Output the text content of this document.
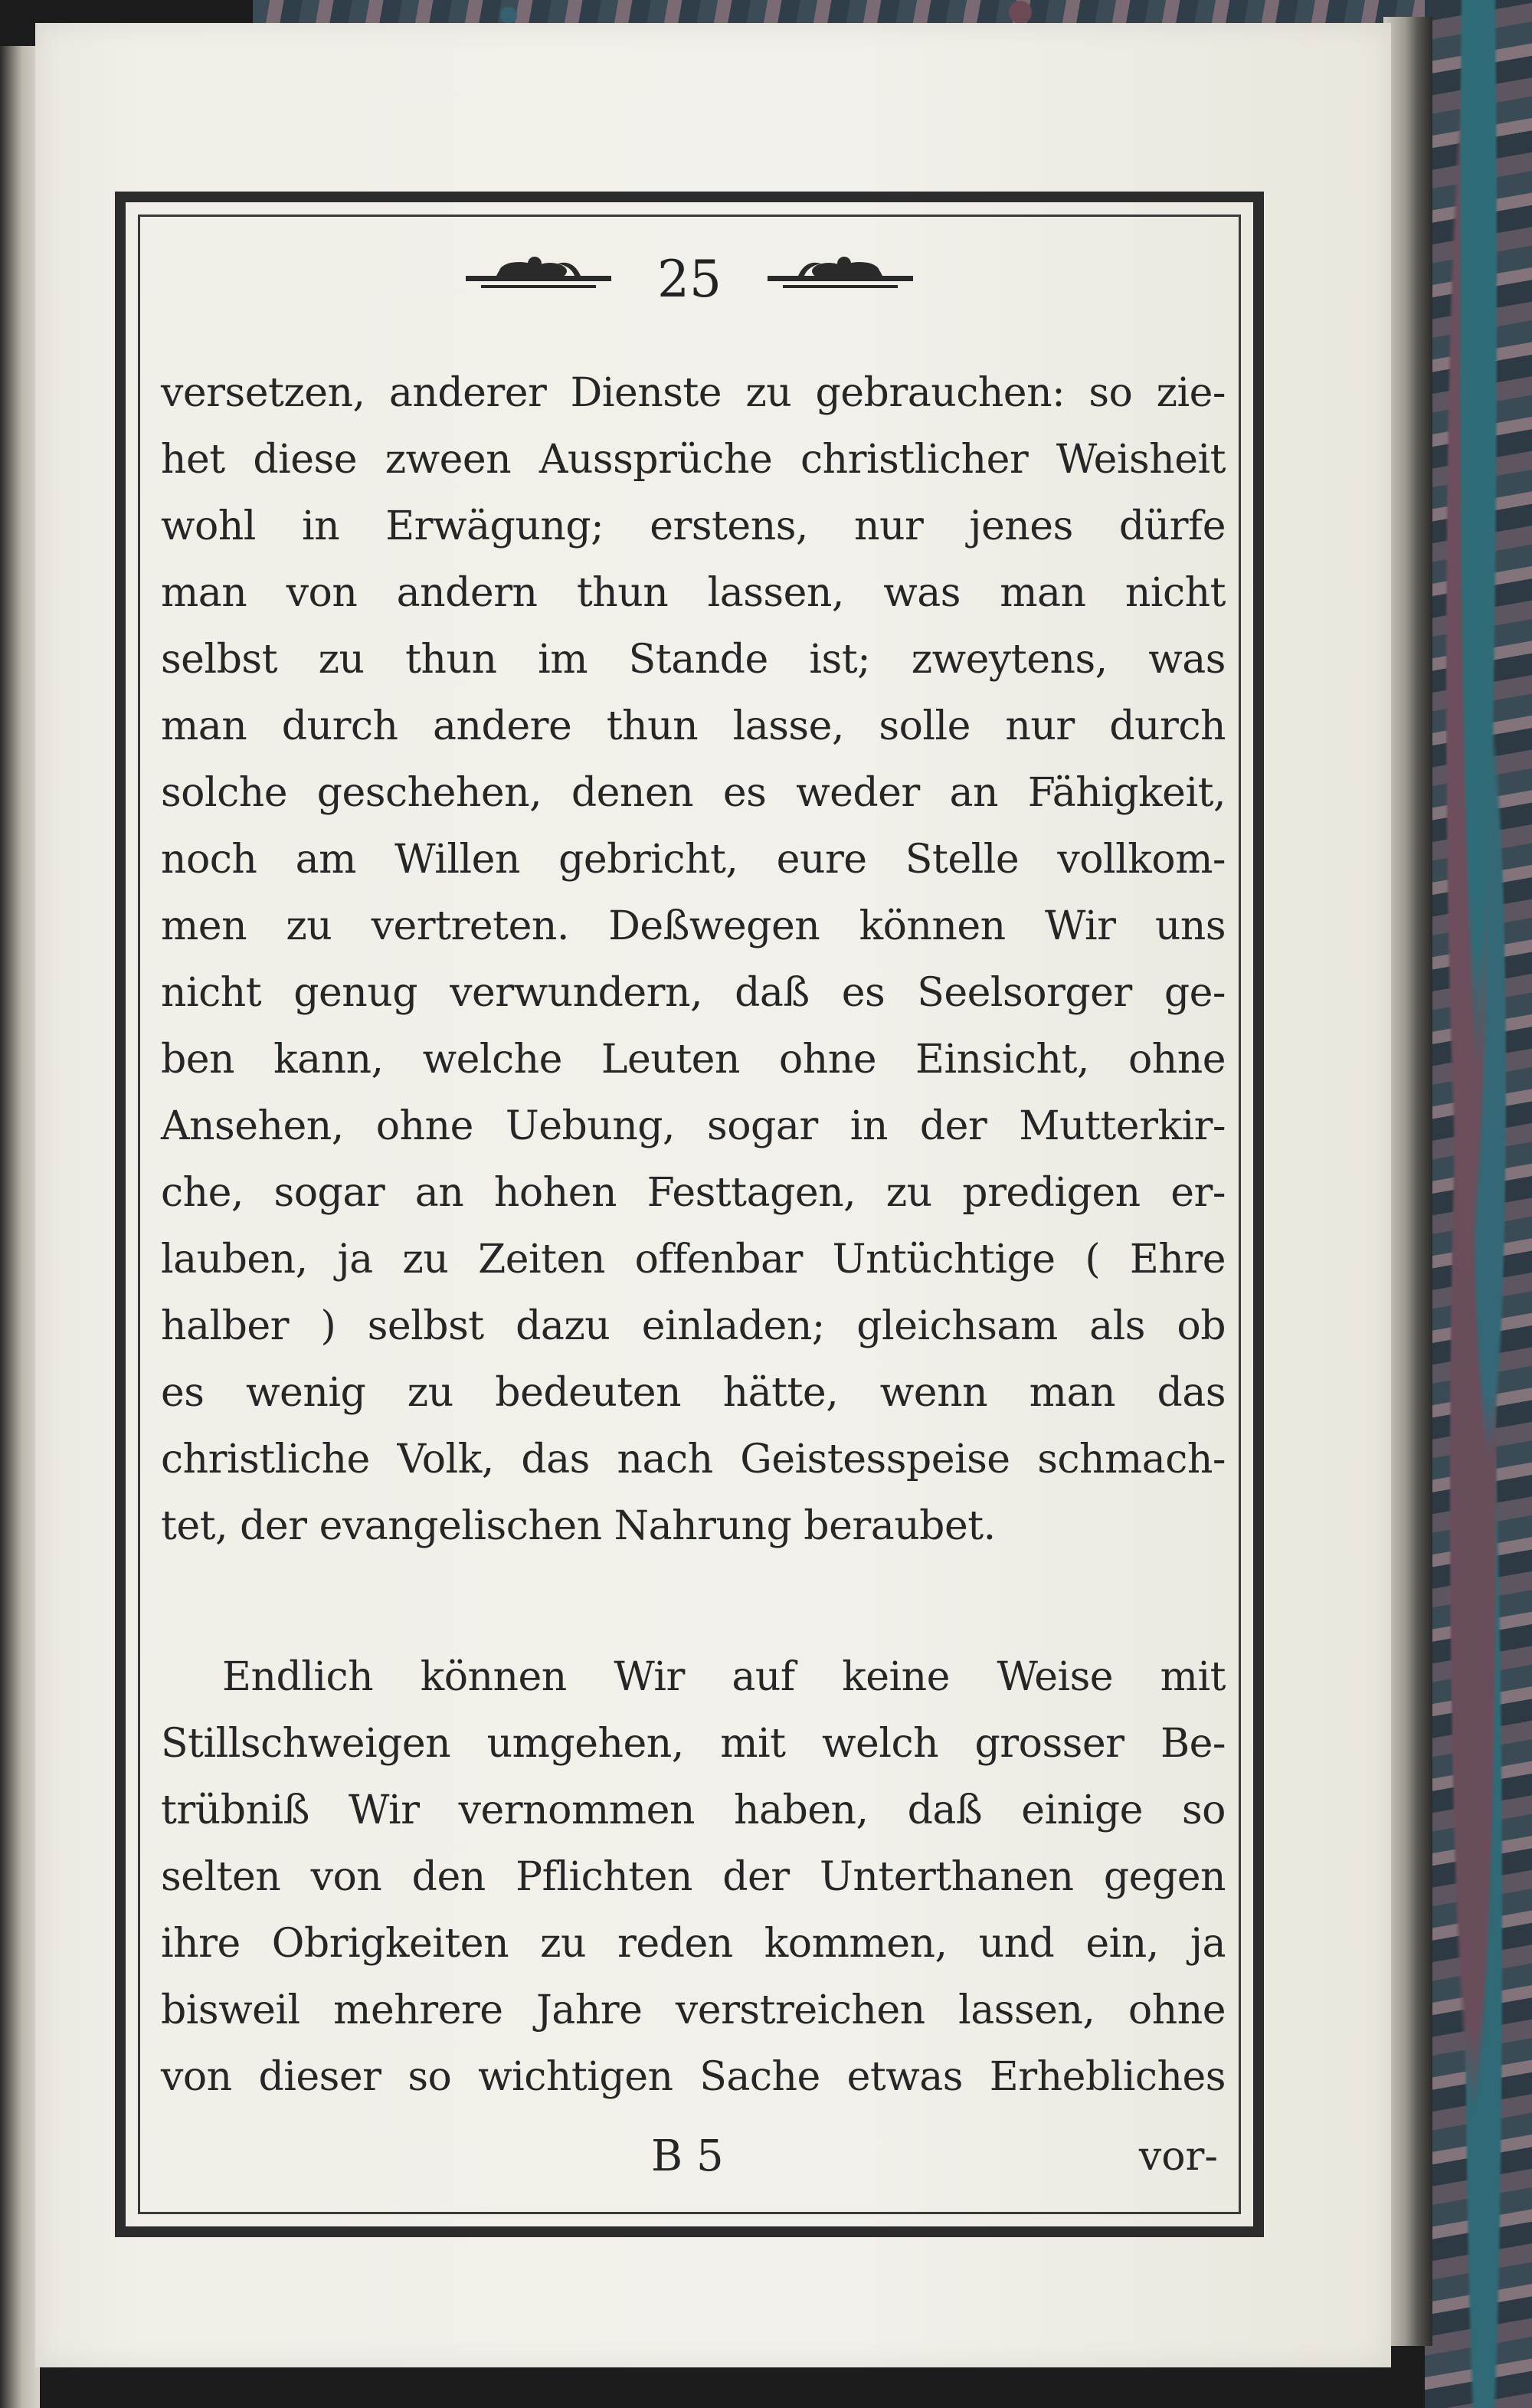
25
versetzen, anderer Dienste zu gebrauchen: so zie-
het diese zween Aussprüche christlicher Weisheit
wohl in Erwägung; erstens, nur jenes dürfe
man von andern thun lassen, was man nicht
selbst zu thun im Stande ist; zweytens, was
man durch andere thun lasse, solle nur durch
solche geschehen, denen es weder an Fähigkeit,
noch am Willen gebricht, eure Stelle vollkom-
men zu vertreten. Deßwegen können Wir uns
nicht genug verwundern, daß es Seelsorger ge-
ben kann, welche Leuten ohne Einsicht, ohne
Ansehen, ohne Uebung, sogar in der Mutterkir-
che, sogar an hohen Festtagen, zu predigen er-
lauben, ja zu Zeiten offenbar Untüchtige ( Ehre
halber ) selbst dazu einladen; gleichsam als ob
es wenig zu bedeuten hätte, wenn man das
christliche Volk, das nach Geistesspeise schmach-
tet, der evangelischen Nahrung beraubet.
Endlich können Wir auf keine Weise mit
Stillschweigen umgehen, mit welch grosser Be-
trübniß Wir vernommen haben, daß einige so
selten von den Pflichten der Unterthanen gegen
ihre Obrigkeiten zu reden kommen, und ein, ja
bisweil mehrere Jahre verstreichen lassen, ohne
von dieser so wichtigen Sache etwas Erhebliches
B 5	vor-
